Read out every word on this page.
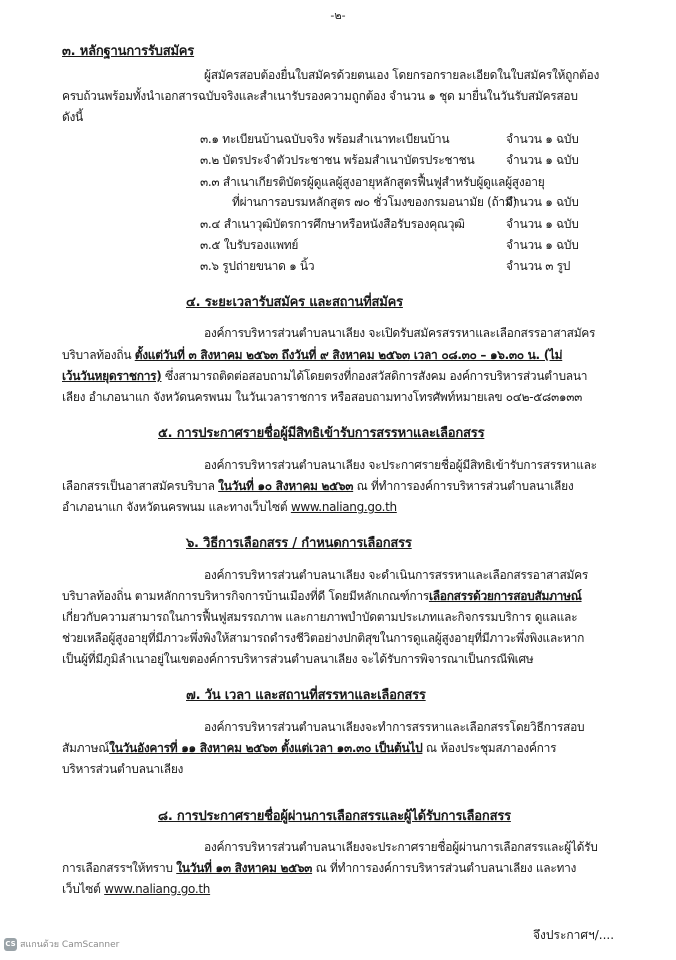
-๒-
๓. หลักฐานการรับสมัคร
ผู้สมัครสอบต้องยื่นใบสมัครด้วยตนเอง โดยกรอกรายละเอียดในใบสมัครให้ถูกต้อง
ครบถ้วนพร้อมทั้งนำเอกสารฉบับจริงและสำเนารับรองความถูกต้อง จำนวน ๑ ชุด มายื่นในวันรับสมัครสอบ
ดังนี้
๓.๑ ทะเบียนบ้านฉบับจริง พร้อมสำเนาทะเบียนบ้าน	จำนวน ๑ ฉบับ
๓.๒ บัตรประจำตัวประชาชน พร้อมสำเนาบัตรประชาชน	จำนวน ๑ ฉบับ
๓.๓ สำเนาเกียรติบัตรผู้ดูแลผู้สูงอายุหลักสูตรฟื้นฟูสำหรับผู้ดูแลผู้สูงอายุ
ที่ผ่านการอบรมหลักสูตร ๗๐ ชั่วโมงของกรมอนามัย (ถ้ามี)
จำนวน ๑ ฉบับ
๓.๔ สำเนาวุฒิบัตรการศึกษาหรือหนังสือรับรองคุณวุฒิ	จำนวน ๑ ฉบับ
๓.๕ ใบรับรองแพทย์	จำนวน ๑ ฉบับ
๓.๖ รูปถ่ายขนาด ๑ นิ้ว	จำนวน ๓ รูป
๔. ระยะเวลารับสมัคร และสถานที่สมัคร
องค์การบริหารส่วนตำบลนาเลียง จะเปิดรับสมัครสรรหาและเลือกสรรอาสาสมัคร
บริบาลท้องถิ่น ตั้งแต่วันที่ ๓ สิงหาคม ๒๕๖๓ ถึงวันที่ ๙ สิงหาคม ๒๕๖๓ เวลา ๐๘.๓๐ – ๑๖.๓๐ น. (ไม่
เว้นวันหยุดราชการ) ซึ่งสามารถติดต่อสอบถามได้โดยตรงที่กองสวัสดิการสังคม องค์การบริหารส่วนตำบลนา
เลียง อำเภอนาแก จังหวัดนครพนม ในวันเวลาราชการ หรือสอบถามทางโทรศัพท์หมายเลข ๐๔๒-๕๘๓๑๓๓
๕. การประกาศรายชื่อผู้มีสิทธิเข้ารับการสรรหาและเลือกสรร
องค์การบริหารส่วนตำบลนาเลียง จะประกาศรายชื่อผู้มีสิทธิเข้ารับการสรรหาและ
เลือกสรรเป็นอาสาสมัครบริบาล ในวันที่ ๑๐ สิงหาคม ๒๕๖๓ ณ ที่ทำการองค์การบริหารส่วนตำบลนาเลียง
อำเภอนาแก จังหวัดนครพนม และทางเว็บไซต์ www.naliang.go.th
๖. วิธีการเลือกสรร / กำหนดการเลือกสรร
องค์การบริหารส่วนตำบลนาเลียง จะดำเนินการสรรหาและเลือกสรรอาสาสมัคร
บริบาลท้องถิ่น ตามหลักการบริหารกิจการบ้านเมืองที่ดี โดยมีหลักเกณฑ์การเลือกสรรด้วยการสอบสัมภาษณ์
เกี่ยวกับความสามารถในการฟื้นฟูสมรรถภาพ และกายภาพบำบัดตามประเภทและกิจกรรมบริการ ดูแลและ
ช่วยเหลือผู้สูงอายุที่มีภาวะพึ่งพิงให้สามารถดำรงชีวิตอย่างปกติสุขในการดูแลผู้สูงอายุที่มีภาวะพึ่งพิงและหาก
เป็นผู้ที่มีภูมิลำเนาอยู่ในเขตองค์การบริหารส่วนตำบลนาเลียง จะได้รับการพิจารณาเป็นกรณีพิเศษ
๗. วัน เวลา และสถานที่สรรหาและเลือกสรร
องค์การบริหารส่วนตำบลนาเลียงจะทำการสรรหาและเลือกสรรโดยวิธีการสอบ
สัมภาษณ์ในวันอังคารที่ ๑๑ สิงหาคม ๒๕๖๓ ตั้งแต่เวลา ๑๓.๓๐ เป็นต้นไป ณ ห้องประชุมสภาองค์การ
บริหารส่วนตำบลนาเลียง
๘. การประกาศรายชื่อผู้ผ่านการเลือกสรรและผู้ได้รับการเลือกสรร
องค์การบริหารส่วนตำบลนาเลียงจะประกาศรายชื่อผู้ผ่านการเลือกสรรและผู้ได้รับ
การเลือกสรรฯให้ทราบ ในวันที่ ๑๓ สิงหาคม ๒๕๖๓ ณ ที่ทำการองค์การบริหารส่วนตำบลนาเลียง และทาง
เว็บไซต์ www.naliang.go.th
จึงประกาศฯ/....
CS สแกนด้วย CamScanner
